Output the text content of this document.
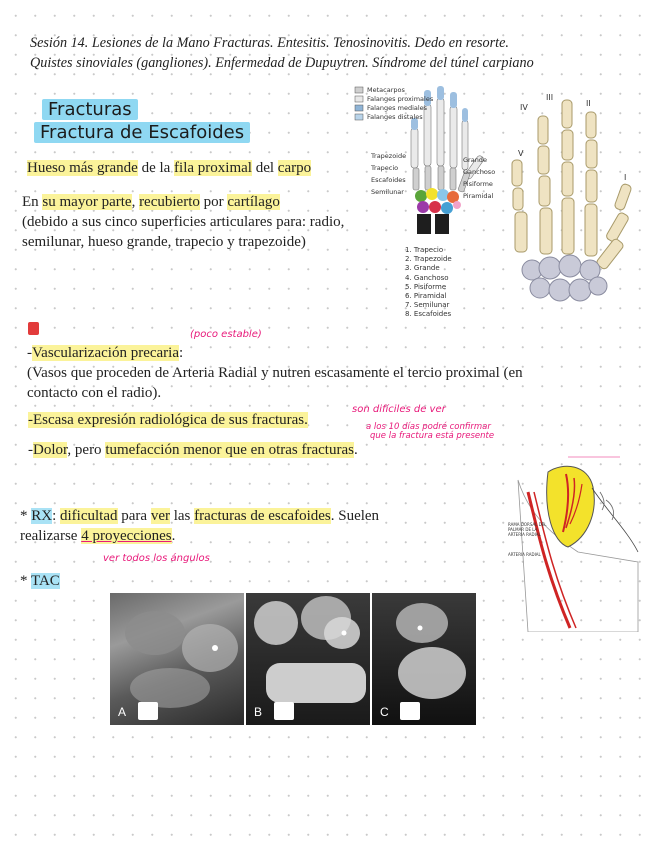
Sesión 14. Lesiones de la Mano Fracturas. Entesitis. Tenosinovitis. Dedo en resorte.
Quistes sinoviales (gangliones). Enfermedad de Dupuytren. Síndrome del túnel carpiano
Fracturas
Fractura de Escafoides
Hueso más grande de la fila proximal del carpo
En su mayor parte, recubierto por cartílago
(debido a sus cinco superficies articulares para: radio,
semilunar, hueso grande, trapecio y trapezoide)
Metacarpos
Falanges proximales
Falanges mediales
Falanges distales
Trapezoide
Trapecio
Escafoides
Semilunar
Grande
Ganchoso
Pisiforme
Piramidal
1. Trapecio
2. Trapezoide
3. Grande
4. Ganchoso
5. Pisiforme
6. Piramidal
7. Semilunar
8. Escafoides
V
IV
III
II
I
(poco estable)
-Vascularización precaria:
(Vasos que proceden de Arteria Radial y nutren escasamente el tercio proximal (en
contacto con el radio).
-Escasa expresión radiológica de sus fracturas.
son difíciles de ver
a los 10 días podré confirmar
que la fractura está presente
-Dolor, pero tumefacción menor que en otras fracturas.
RAMA DORSAL DEL PALMAR DE LA ARTERIA RADIAL
ARTERIA RADIAL
* RX: dificultad para ver las fracturas de escafoides. Suelen
realizarse 4 proyecciones.
ver todos los ángulos
* TAC
A	B	C
